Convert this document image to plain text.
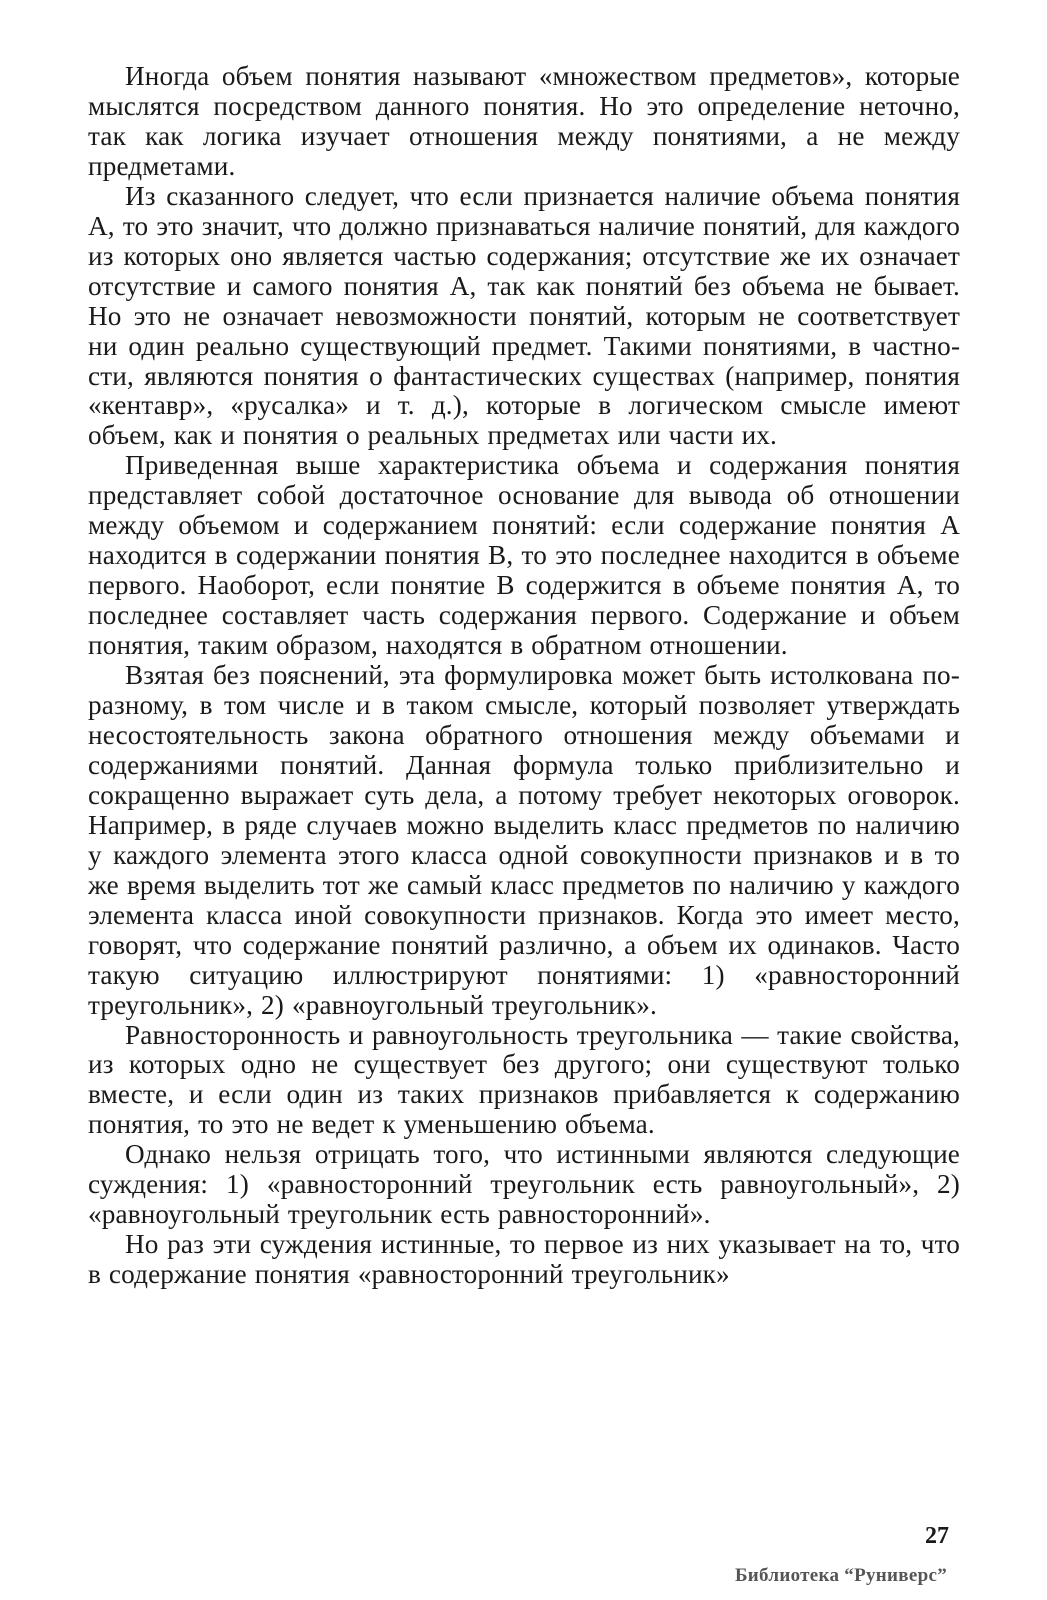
Иногда объем понятия называют «множеством предметов», которые мыслятся посредством данного понятия. Но это определение неточно, так как логика изучает отношения между понятиями, а не между предметами.

Из сказанного следует, что если признается наличие объема понятия ⁠А, то это значит, что должно признаваться наличие понятий, для каждого из которых оно является частью содержания; отсутствие же их означает отсутствие и самого понятия А, так как понятий без объема не бывает. Но это не означает невозможности понятий, которым не соответствует ни один реально существующий предмет. Такими понятиями, в частности, являются понятия о фантастических существах (например, понятия «кентавр», «русалка» и т. д.), которые в логическом смысле имеют объем, как и понятия о реальных предметах или части их.

Приведенная выше характеристика объема и содержания понятия представляет собой достаточное основание для вывода об отношении между объемом и содержанием понятий: если содержание понятия А находится в содержании понятия В, то это последнее находится в объеме первого. Наоборот, если понятие В содержится в объеме понятия А, то последнее составляет часть содержания первого. Содержание и объем понятия, таким образом, находятся в обратном отношении.

Взятая без пояснений, эта формулировка может быть истолкована по-разному, в том числе и в таком смысле, который позволяет утверждать несостоятельность закона обратного отношения между объемами и содержаниями понятий. Данная формула только приблизительно и сокращенно выражает суть дела, а потому требует некоторых оговорок. Например, в ряде случаев можно выделить класс предметов по наличию у каждого элемента этого класса одной совокупности признаков и в то же время выделить тот же самый класс предметов по наличию у каждого элемента класса иной совокупности признаков. Когда это имеет место, говорят, что содержание понятий различно, а объем их одинаков. Часто такую ситуацию иллюстрируют понятиями: 1) «равносторонний треугольник», 2) «равноугольный треугольник».

Равносторонность и равноугольность треугольника — такие свойства, из которых одно не существует без другого; они существуют только вместе, и если один из таких признаков прибавляется к содержанию понятия, то это не ведет к уменьшению объема.

Однако нельзя отрицать того, что истинными являются следующие суждения: 1) «равносторонний треугольник есть равноугольный», 2) «равноугольный треугольник есть равносторонний».

Но раз эти суждения истинные, то первое из них указывает на то, что в содержание понятия «равносторонний треугольник»

27
Библиотека “Руниверс”
